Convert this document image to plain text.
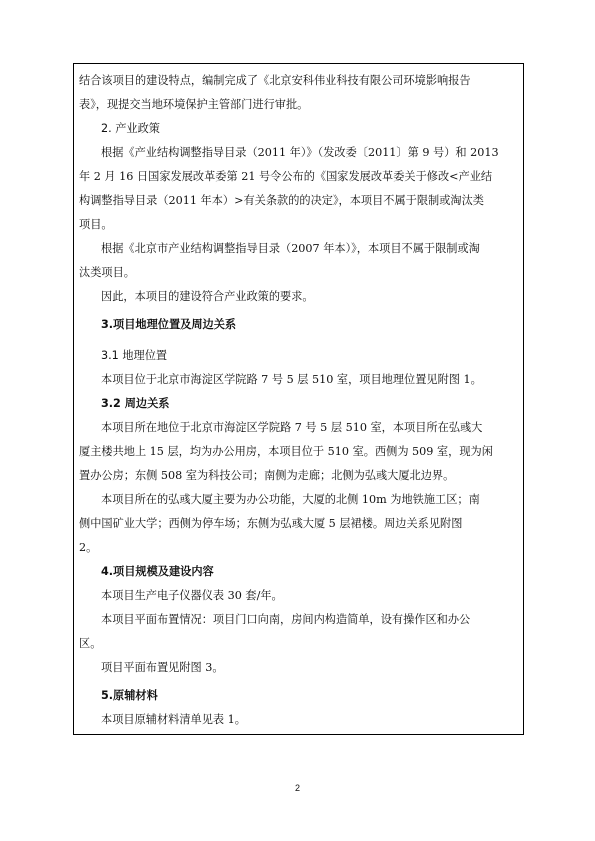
结合该项目的建设特点，编制完成了《北京安科伟业科技有限公司环境影响报告
表》，现提交当地环境保护主管部门进行审批。
2. 产业政策
根据《产业结构调整指导目录（2011 年）》（发改委〔2011〕第 9 号）和 2013
年 2 月 16 日国家发展改革委第 21 号令公布的《国家发展改革委关于修改<产业结
构调整指导目录（2011 年本）>有关条款的的决定》，本项目不属于限制或淘汰类
项目。
根据《北京市产业结构调整指导目录（2007 年本）》，本项目不属于限制或淘
汰类项目。
因此，本项目的建设符合产业政策的要求。
3.项目地理位置及周边关系
3.1 地理位置
本项目位于北京市海淀区学院路 7 号 5 层 510 室，项目地理位置见附图 1。
3.2 周边关系
本项目所在地位于北京市海淀区学院路 7 号 5 层 510 室，本项目所在弘彧大
厦主楼共地上 15 层，均为办公用房，本项目位于 510 室。西侧为 509 室，现为闲
置办公房；东侧 508 室为科技公司；南侧为走廊；北侧为弘彧大厦北边界。
本项目所在的弘彧大厦主要为办公功能，大厦的北侧 10m 为地铁施工区；南
侧中国矿业大学；西侧为停车场；东侧为弘彧大厦 5 层裙楼。周边关系见附图
2。
4.项目规模及建设内容
本项目生产电子仪器仪表 30 套/年。
本项目平面布置情况：项目门口向南，房间内构造简单，设有操作区和办公
区。
项目平面布置见附图 3。
5.原辅材料
本项目原辅材料清单见表 1。
2
